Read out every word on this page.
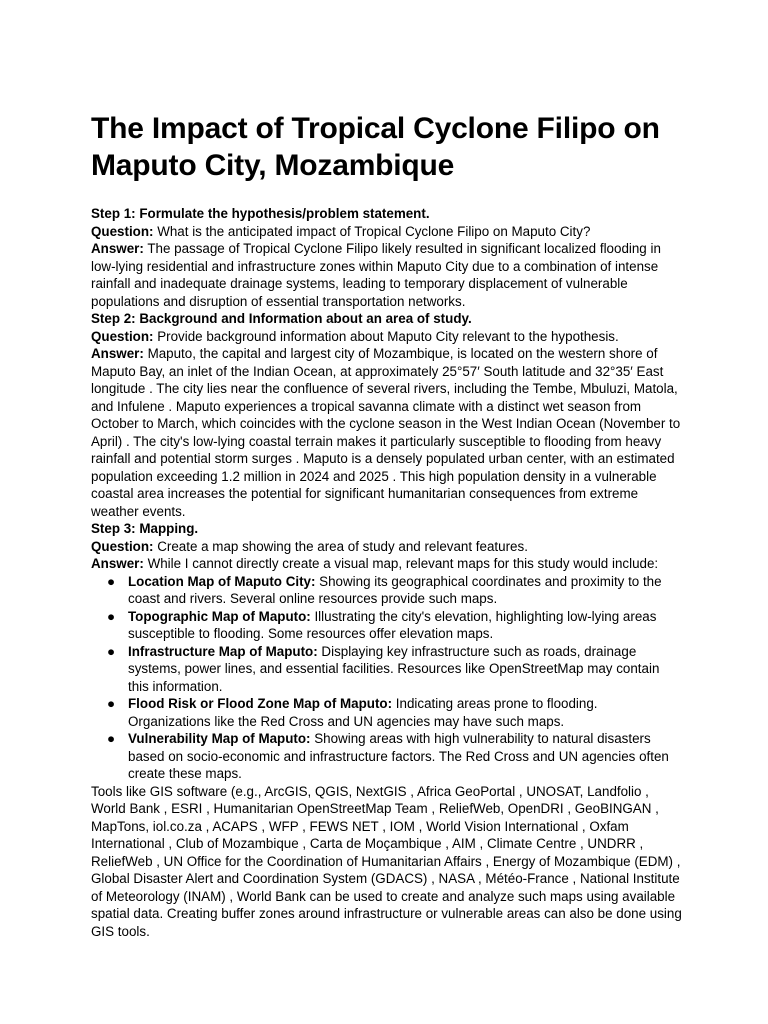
The Impact of Tropical Cyclone Filipo on Maputo City, Mozambique

Step 1: Formulate the hypothesis/problem statement.

Question: What is the anticipated impact of Tropical Cyclone Filipo on Maputo City?

Answer: The passage of Tropical Cyclone Filipo likely resulted in significant localized flooding in low-lying residential and infrastructure zones within Maputo City due to a combination of intense rainfall and inadequate drainage systems, leading to temporary displacement of vulnerable populations and disruption of essential transportation networks.

Step 2: Background and Information about an area of study.

Question: Provide background information about Maputo City relevant to the hypothesis.

Answer: Maputo, the capital and largest city of Mozambique, is located on the western shore of Maputo Bay, an inlet of the Indian Ocean, at approximately 25°57′ South latitude and 32°35′ East longitude . The city lies near the confluence of several rivers, including the Tembe, Mbuluzi, Matola, and Infulene . Maputo experiences a tropical savanna climate with a distinct wet season from October to March, which coincides with the cyclone season in the West Indian Ocean (November to April) . The city's low-lying coastal terrain makes it particularly susceptible to flooding from heavy rainfall and potential storm surges . Maputo is a densely populated urban center, with an estimated population exceeding 1.2 million in 2024 and 2025 . This high population density in a vulnerable coastal area increases the potential for significant humanitarian consequences from extreme weather events.

Step 3: Mapping.

Question: Create a map showing the area of study and relevant features.

Answer: While I cannot directly create a visual map, relevant maps for this study would include:

● Location Map of Maputo City: Showing its geographical coordinates and proximity to the coast and rivers. Several online resources provide such maps.
● Topographic Map of Maputo: Illustrating the city's elevation, highlighting low-lying areas susceptible to flooding. Some resources offer elevation maps.
● Infrastructure Map of Maputo: Displaying key infrastructure such as roads, drainage systems, power lines, and essential facilities. Resources like OpenStreetMap may contain this information.
● Flood Risk or Flood Zone Map of Maputo: Indicating areas prone to flooding. Organizations like the Red Cross and UN agencies may have such maps.
● Vulnerability Map of Maputo: Showing areas with high vulnerability to natural disasters based on socio-economic and infrastructure factors. The Red Cross and UN agencies often create these maps.

Tools like GIS software (e.g., ArcGIS, QGIS, NextGIS , Africa GeoPortal , UNOSAT, Landfolio , World Bank , ESRI , Humanitarian OpenStreetMap Team , ReliefWeb, OpenDRI , GeoBINGAN , MapTons, iol.co.za , ACAPS , WFP , FEWS NET , IOM , World Vision International , Oxfam International , Club of Mozambique , Carta de Moçambique , AIM , Climate Centre , UNDRR , ReliefWeb , UN Office for the Coordination of Humanitarian Affairs , Energy of Mozambique (EDM) , Global Disaster Alert and Coordination System (GDACS) , NASA , Météo-France , National Institute of Meteorology (INAM) , World Bank can be used to create and analyze such maps using available spatial data. Creating buffer zones around infrastructure or vulnerable areas can also be done using GIS tools.
